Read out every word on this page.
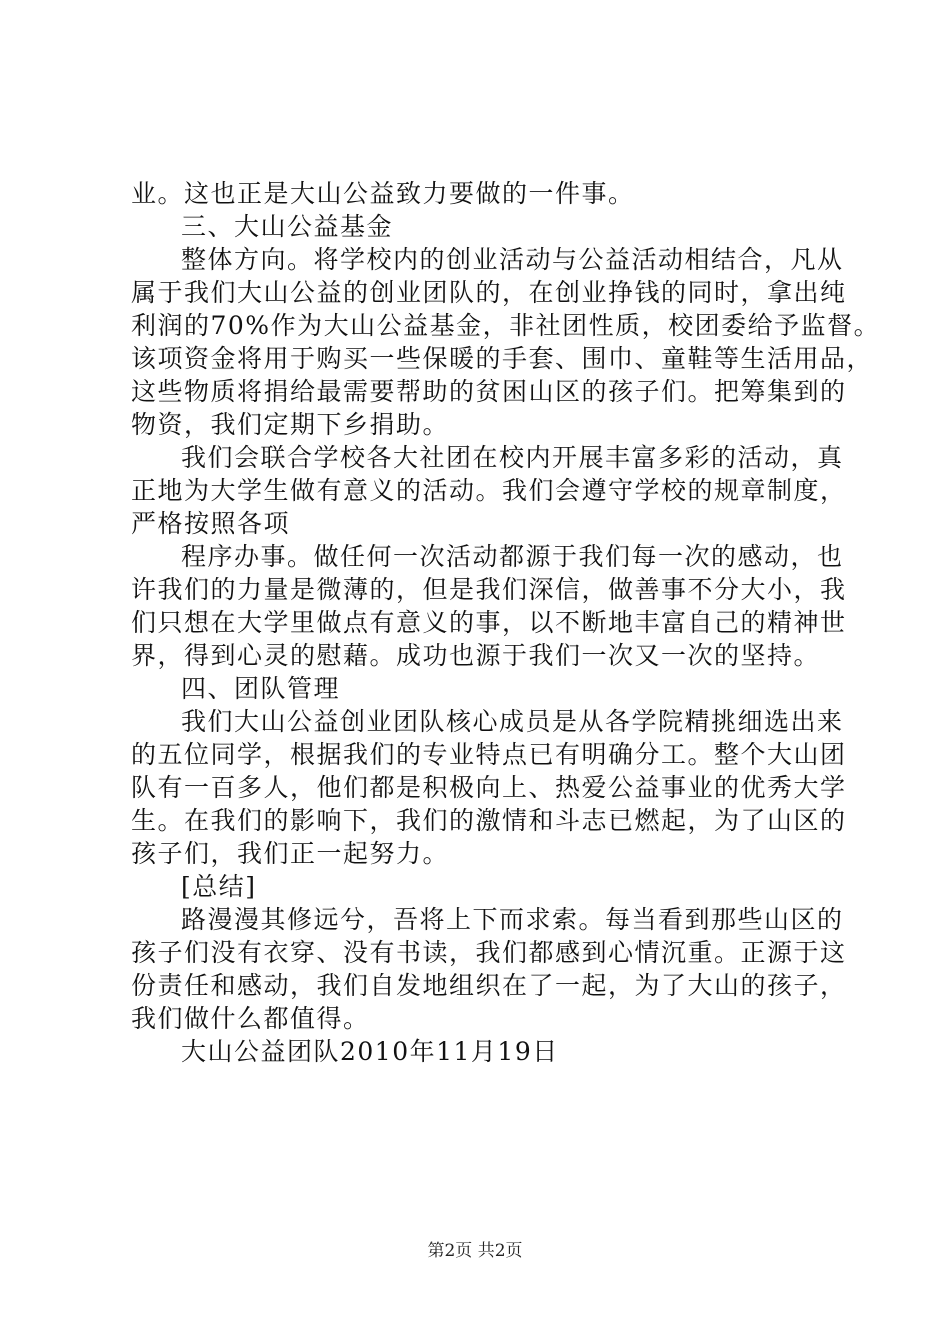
业。这也正是大山公益致力要做的一件事。
三、大山公益基金
整体方向。将学校内的创业活动与公益活动相结合，凡从
属于我们大山公益的创业团队的，在创业挣钱的同时，拿出纯
利润的70%作为大山公益基金，非社团性质，校团委给予监督。
该项资金将用于购买一些保暖的手套、围巾、童鞋等生活用品，
这些物质将捐给最需要帮助的贫困山区的孩子们。把筹集到的
物资，我们定期下乡捐助。
我们会联合学校各大社团在校内开展丰富多彩的活动，真
正地为大学生做有意义的活动。我们会遵守学校的规章制度，
严格按照各项
程序办事。做任何一次活动都源于我们每一次的感动，也
许我们的力量是微薄的，但是我们深信，做善事不分大小，我
们只想在大学里做点有意义的事，以不断地丰富自己的精神世
界，得到心灵的慰藉。成功也源于我们一次又一次的坚持。
四、团队管理
我们大山公益创业团队核心成员是从各学院精挑细选出来
的五位同学，根据我们的专业特点已有明确分工。整个大山团
队有一百多人，他们都是积极向上、热爱公益事业的优秀大学
生。在我们的影响下，我们的激情和斗志已燃起，为了山区的
孩子们，我们正一起努力。
[总结]
路漫漫其修远兮，吾将上下而求索。每当看到那些山区的
孩子们没有衣穿、没有书读，我们都感到心情沉重。正源于这
份责任和感动，我们自发地组织在了一起，为了大山的孩子，
我们做什么都值得。
大山公益团队2010年11月19日
第2页 共2页
